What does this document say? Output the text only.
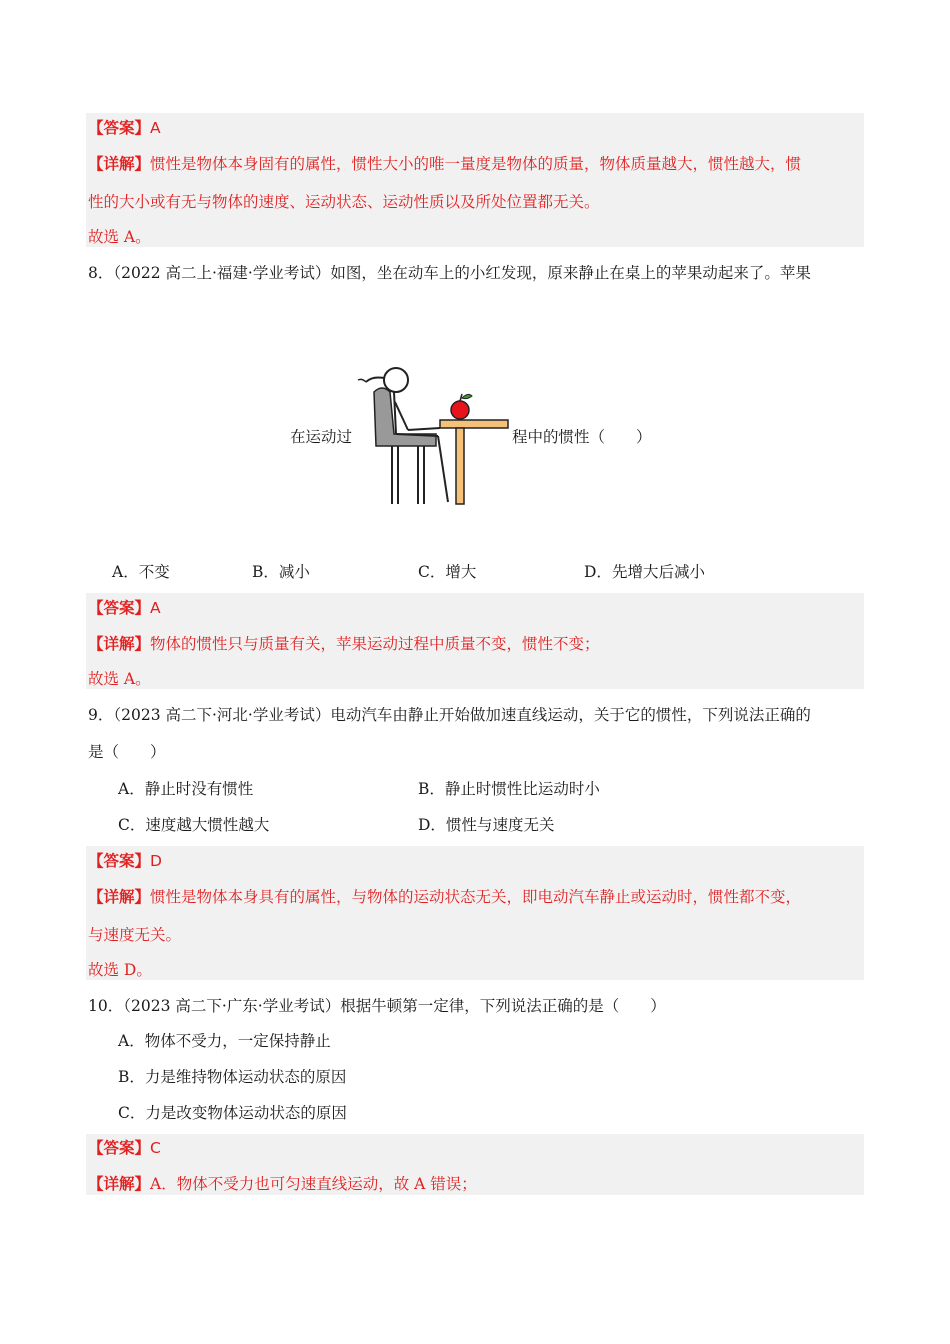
【答案】A
【详解】惯性是物体本身固有的属性，惯性大小的唯一量度是物体的质量，物体质量越大，惯性越大，惯
性的大小或有无与物体的速度、运动状态、运动性质以及所处位置都无关。
故选 A。
8．（2022 高二上·福建·学业考试）如图，坐在动车上的小红发现，原来静止在桌上的苹果动起来了。苹果
在运动过	程中的惯性（　　）
A．不变	B．减小	C．增大	D．先增大后减小
【答案】A
【详解】物体的惯性只与质量有关，苹果运动过程中质量不变，惯性不变；
故选 A。
9．（2023 高二下·河北·学业考试）电动汽车由静止开始做加速直线运动，关于它的惯性，下列说法正确的
是（　　）
A．静止时没有惯性	B．静止时惯性比运动时小
C．速度越大惯性越大	D．惯性与速度无关
【答案】D
【详解】惯性是物体本身具有的属性，与物体的运动状态无关，即电动汽车静止或运动时，惯性都不变，
与速度无关。
故选 D。
10．（2023 高二下·广东·学业考试）根据牛顿第一定律，下列说法正确的是（　　）
A．物体不受力，一定保持静止
B．力是维持物体运动状态的原因
C．力是改变物体运动状态的原因
【答案】C
【详解】A．物体不受力也可匀速直线运动，故 A 错误；
